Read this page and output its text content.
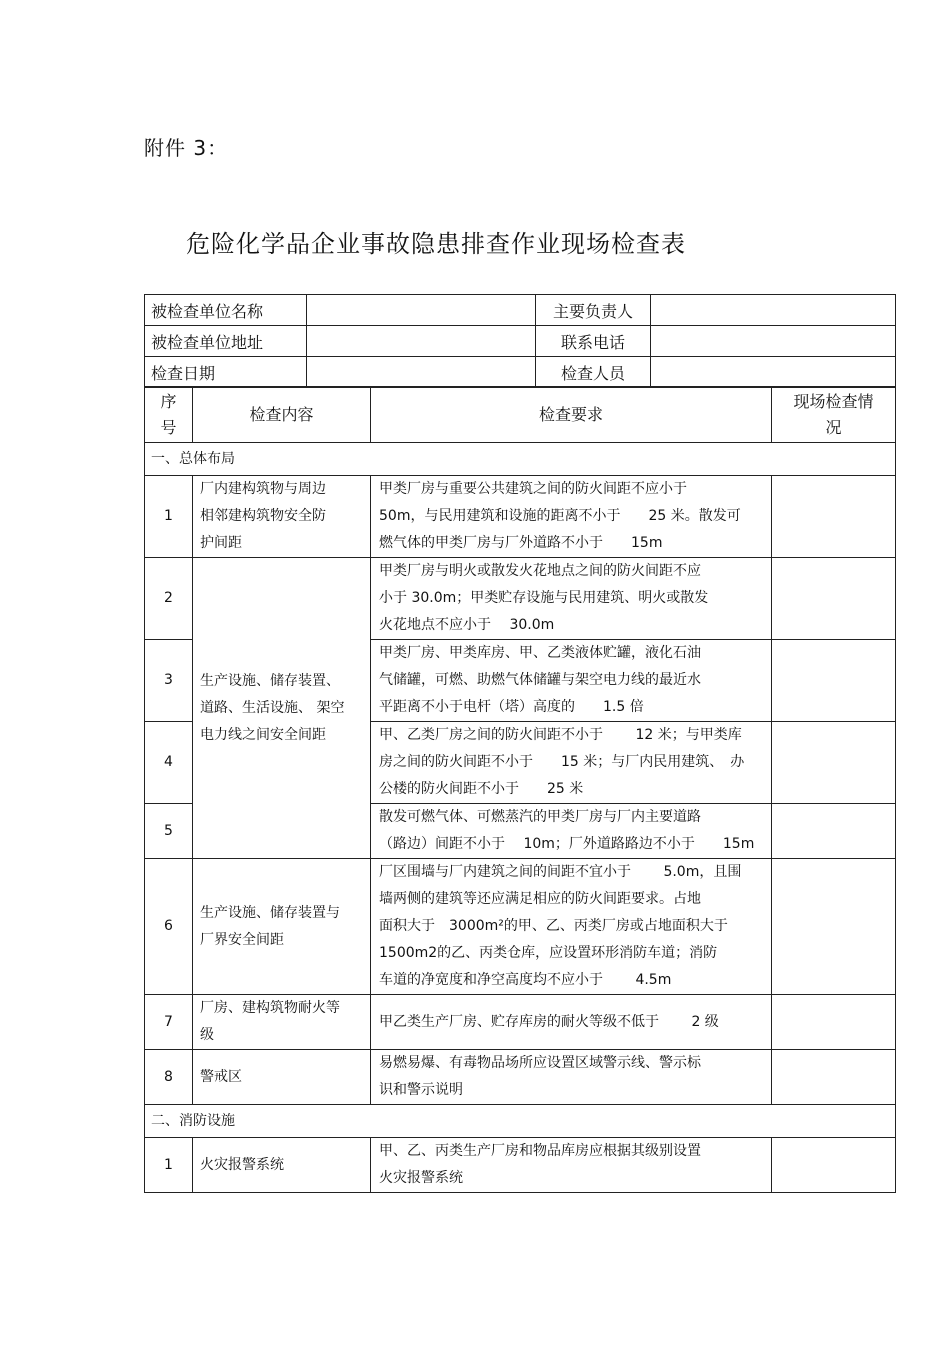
附件 3：
危险化学品企业事故隐患排查作业现场检查表
被检查单位名称		主要负责人	
被检查单位地址		联系电话	
检查日期		检查人员	
序
号	检查内容	检查要求	现场检查情
况

一、总体布局			
1	厂内建构筑物与周边
相邻建构筑物安全防
护间距	甲类厂房与重要公共建筑之间的防火间距不应小于
50m，与民用建筑和设施的距离不小于　　25 米。散发可
燃气体的甲类厂房与厂外道路不小于　　15m	
2	生产设施、储存装置、
道路、生活设施、 架空
电力线之间安全间距	甲类厂房与明火或散发火花地点之间的防火间距不应
小于 30.0m；甲类贮存设施与民用建筑、明火或散发
火花地点不应小于　 30.0m	
3		甲类厂房、甲类库房、甲、乙类液体贮罐，液化石油
气储罐，可燃、助燃气体储罐与架空电力线的最近水
平距离不小于电杆（塔）高度的　　1.5 倍	
4		甲、乙类厂房之间的防火间距不小于　　 12 米；与甲类库
房之间的防火间距不小于　　15 米；与厂内民用建筑、　办
公楼的防火间距不小于　　25 米	
5		散发可燃气体、可燃蒸汽的甲类厂房与厂内主要道路
（路边）间距不小于　 10m；厂外道路路边不小于　　15m	
6	生产设施、储存装置与
厂界安全间距	厂区围墙与厂内建筑之间的间距不宜小于　　 5.0m，且围
墙两侧的建筑等还应满足相应的防火间距要求。占地
面积大于　3000m²的甲、乙、丙类厂房或占地面积大于
1500m2的乙、丙类仓库，应设置环形消防车道；消防
车道的净宽度和净空高度均不应小于　　 4.5m	
7	厂房、建构筑物耐火等
级	甲乙类生产厂房、贮存库房的耐火等级不低于　　 2 级	
8	警戒区	易燃易爆、有毒物品场所应设置区域警示线、警示标
识和警示说明	
二、消防设施			
1	火灾报警系统	甲、乙、丙类生产厂房和物品库房应根据其级别设置
火灾报警系统	
